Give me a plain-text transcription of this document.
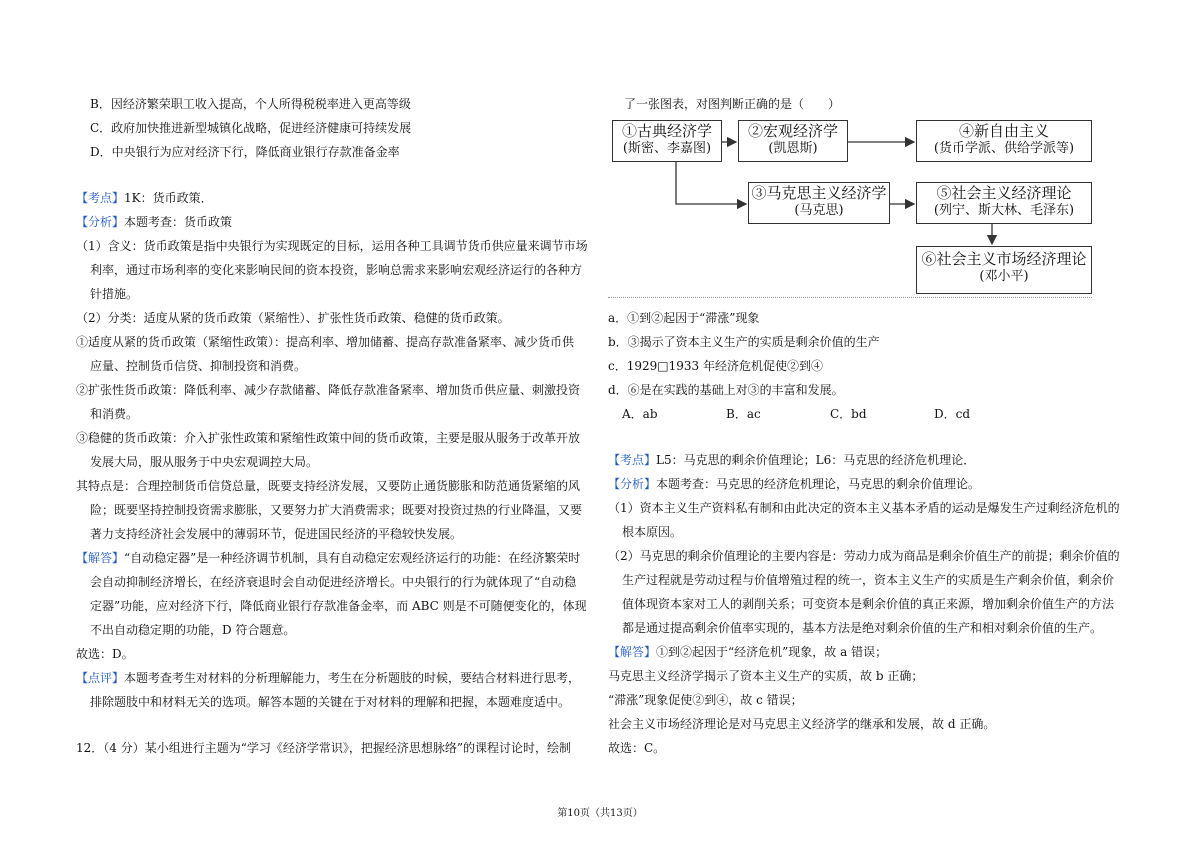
B．因经济繁荣职工收入提高，个人所得税税率进入更高等级
C．政府加快推进新型城镇化战略，促进经济健康可持续发展
D．中央银行为应对经济下行，降低商业银行存款准备金率
【考点】1K：货币政策．
【分析】本题考查：货币政策
（1）含义：货币政策是指中央银行为实现既定的目标，运用各种工具调节货币供应量来调节市场
利率，通过市场利率的变化来影响民间的资本投资，影响总需求来影响宏观经济运行的各种方
针措施。
（2）分类：适度从紧的货币政策（紧缩性）、扩张性货币政策、稳健的货币政策。
①适度从紧的货币政策（紧缩性政策）：提高利率、增加储蓄、提高存款准备紧率、减少货币供
应量、控制货币信贷、抑制投资和消费。
②扩张性货币政策：降低利率、减少存款储蓄、降低存款准备紧率、增加货币供应量、刺激投资
和消费。
③稳健的货币政策：介入扩张性政策和紧缩性政策中间的货币政策，主要是服从服务于改革开放
发展大局，服从服务于中央宏观调控大局。
其特点是：合理控制货币信贷总量，既要支持经济发展，又要防止通货膨胀和防范通货紧缩的风
险；既要坚持控制投资需求膨胀，又要努力扩大消费需求；既要对投资过热的行业降温，又要
著力支持经济社会发展中的薄弱环节，促进国民经济的平稳较快发展。
【解答】“自动稳定器”是一种经济调节机制，具有自动稳定宏观经济运行的功能：在经济繁荣时
会自动抑制经济增长，在经济衰退时会自动促进经济增长。中央银行的行为就体现了“自动稳
定器”功能，应对经济下行，降低商业银行存款准备金率，而 ABC 则是不可随便变化的，体现
不出自动稳定期的功能，D 符合题意。
故选：D。
【点评】本题考查考生对材料的分析理解能力，考生在分析题肢的时候，要结合材料进行思考，
排除题肢中和材料无关的选项。解答本题的关键在于对材料的理解和把握，本题难度适中。
12．（4 分）某小组进行主题为“学习《经济学常识》，把握经济思想脉络”的课程讨论时，绘制
了一张图表，对图判断正确的是（　　）
a．①到②起因于“滞涨”现象
b．③揭示了资本主义生产的实质是剩余价值的生产
c．1929□1933 年经济危机促使②到④
d．⑥是在实践的基础上对③的丰富和发展。
A．ab	B．ac	C．bd	D．cd
【考点】L5：马克思的剩余价值理论；L6：马克思的经济危机理论．
【分析】本题考查：马克思的经济危机理论，马克思的剩余价值理论。
（1）资本主义生产资料私有制和由此决定的资本主义基本矛盾的运动是爆发生产过剩经济危机的
根本原因。
（2）马克思的剩余价值理论的主要内容是：劳动力成为商品是剩余价值生产的前提；剩余价值的
生产过程就是劳动过程与价值增殖过程的统一，资本主义生产的实质是生产剩余价值，剩余价
值体现资本家对工人的剥削关系；可变资本是剩余价值的真正来源，增加剩余价值生产的方法
都是通过提高剩余价值率实现的，基本方法是绝对剩余价值的生产和相对剩余价值的生产。
【解答】①到②起因于“经济危机”现象，故 a 错误；
马克思主义经济学揭示了资本主义生产的实质，故 b 正确；
“滞涨”现象促使②到④，故 c 错误；
社会主义市场经济理论是对马克思主义经济学的继承和发展，故 d 正确。
故选：C。
①古典经济学
(斯密、李嘉图)
②宏观经济学
(凯恩斯)
④新自由主义
(货币学派、供给学派等)
③马克思主义经济学
(马克思)
⑤社会主义经济理论
(列宁、斯大林、毛泽东)
⑥社会主义市场经济理论
(邓小平)
第10页（共13页）
